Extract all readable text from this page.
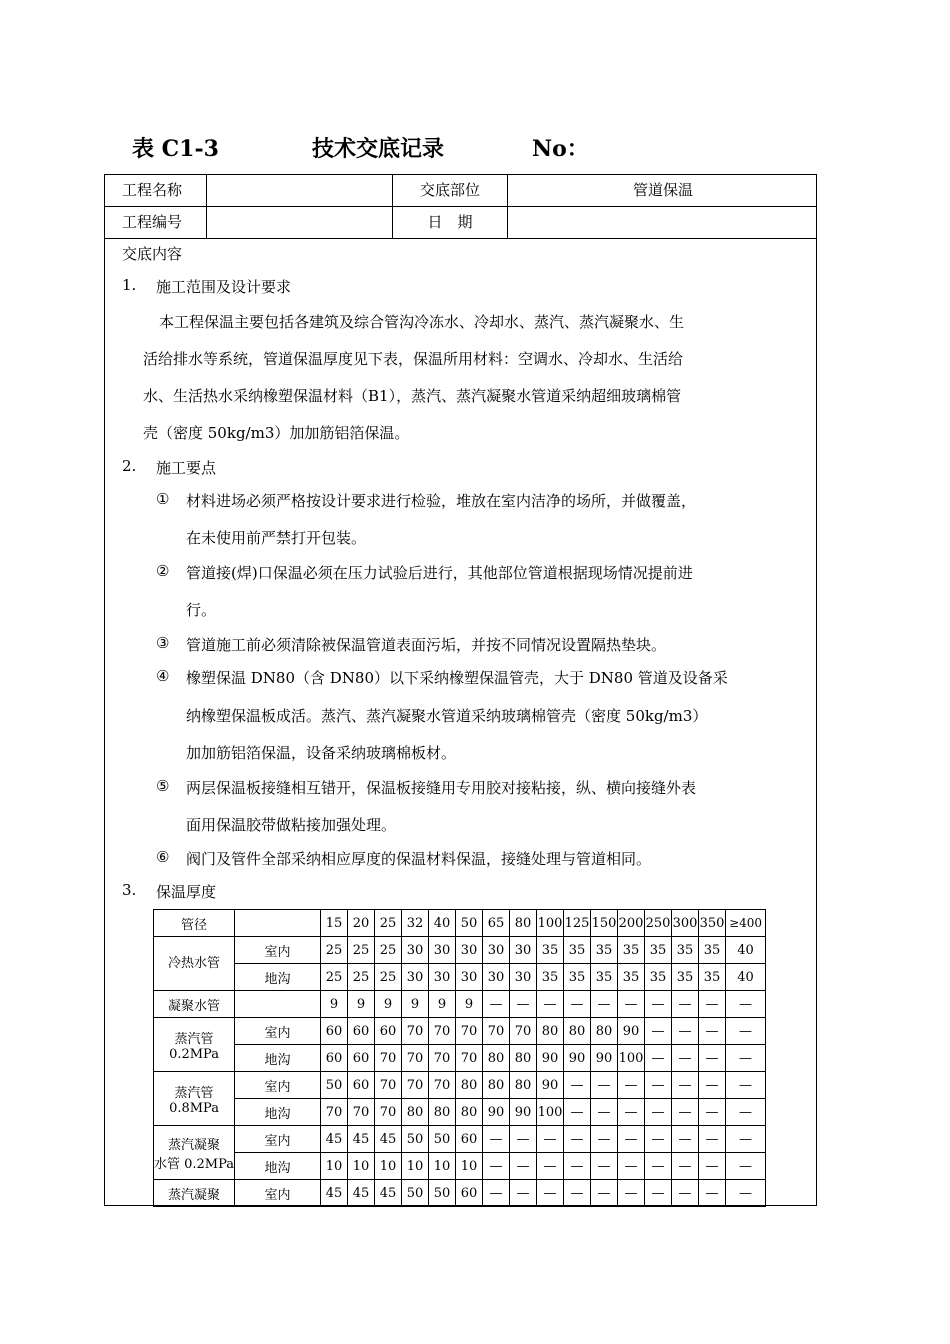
表 C1-3	技术交底记录	No：
工程名称	交底部位	管道保温
工程编号	日　期
交底内容
1. 施工范围及设计要求
本工程保温主要包括各建筑及综合管沟冷冻水、冷却水、蒸汽、蒸汽凝聚水、生
活给排水等系统，管道保温厚度见下表，保温所用材料：空调水、冷却水、生活给
水、生活热水采纳橡塑保温材料（B1），蒸汽、蒸汽凝聚水管道采纳超细玻璃棉管
壳（密度 50kg/m3）加加筋铝箔保温。
2. 施工要点
① 材料进场必须严格按设计要求进行检验，堆放在室内洁净的场所，并做覆盖，
在未使用前严禁打开包装。
② 管道接(焊)口保温必须在压力试验后进行，其他部位管道根据现场情况提前进
行。
③ 管道施工前必须清除被保温管道表面污垢，并按不同情况设置隔热垫块。
④ 橡塑保温 DN80（含 DN80）以下采纳橡塑保温管壳，大于 DN80 管道及设备采
纳橡塑保温板成活。蒸汽、蒸汽凝聚水管道采纳玻璃棉管壳（密度 50kg/m3）
加加筋铝箔保温，设备采纳玻璃棉板材。
⑤ 两层保温板接缝相互错开，保温板接缝用专用胶对接粘接，纵、横向接缝外表
面用保温胶带做粘接加强处理。
⑥ 阀门及管件全部采纳相应厚度的保温材料保温，接缝处理与管道相同。
3. 保温厚度
管径		15	20	25	32	40	50	65	80	100	125	150	200	250	300	350	≥400

冷热水管	室内	25	25	25	30	30	30	30	30	35	35	35	35	35	35	35	40
	地沟	25	25	25	30	30	30	30	30	35	35	35	35	35	35	35	40

凝聚水管		9	9	9	9	9	9	—	—	—	—	—	—	—	—	—	—

蒸汽管
0.2MPa	室内	60	60	60	70	70	70	70	70	80	80	80	90	—	—	—	—
	地沟	60	60	70	70	70	70	80	80	90	90	90	100	—	—	—	—

蒸汽管
0.8MPa	室内	50	60	70	70	70	80	80	80	90	—	—	—	—	—	—	—
	地沟	70	70	70	80	80	80	90	90	100	—	—	—	—	—	—	—

蒸汽凝聚
水管 0.2MPa	室内	45	45	45	50	50	60	—	—	—	—	—	—	—	—	—	—
	地沟	10	10	10	10	10	10	—	—	—	—	—	—	—	—	—	—

蒸汽凝聚	室内	45	45	45	50	50	60	—	—	—	—	—	—	—	—	—	—
